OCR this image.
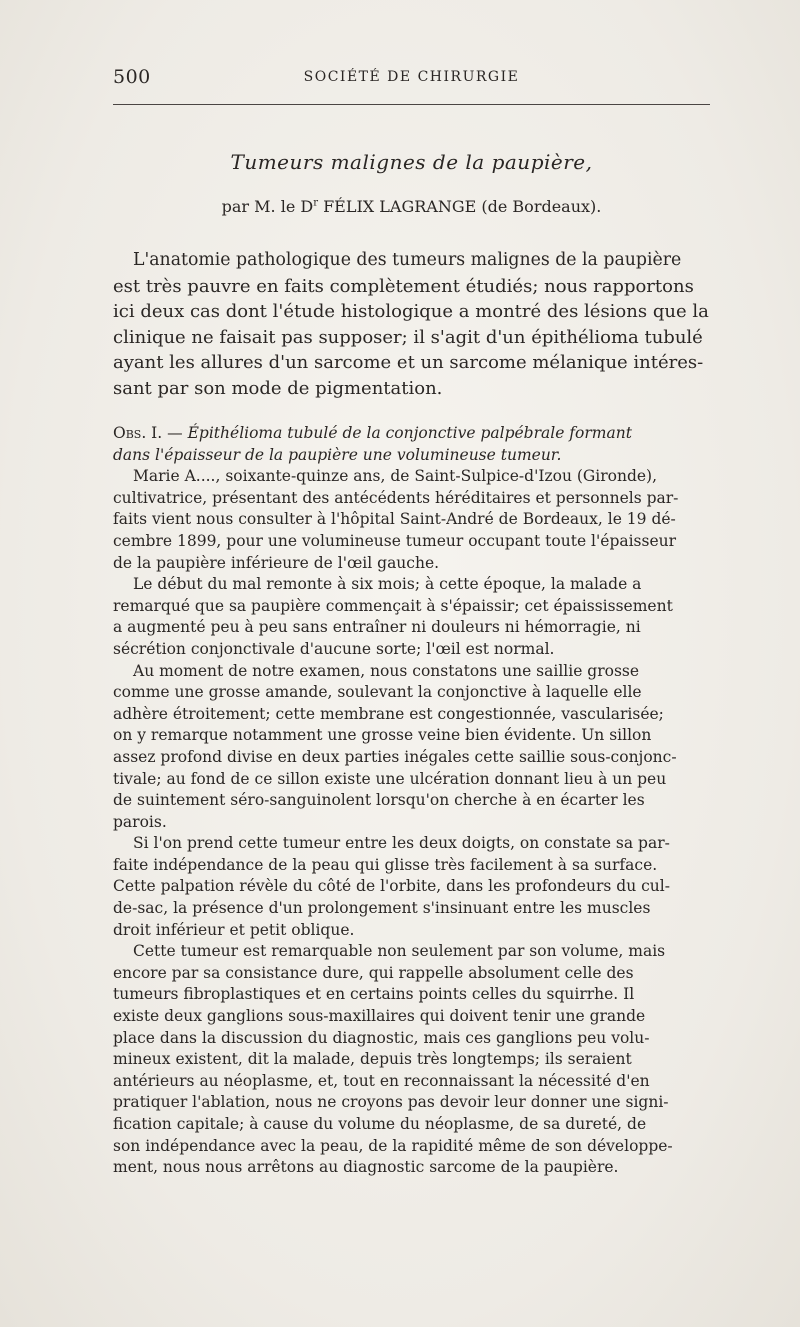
500	SOCIÉTÉ DE CHIRURGIE
Tumeurs malignes de la paupière,
par M. le $D^r$ FÉLIX LAGRANGE (de Bordeaux).
L'anatomie pathologique des tumeurs malignes de la paupière
est très pauvre en faits complètement étudiés; nous rapportons
ici deux cas dont l'étude histologique a montré des lésions que la
clinique ne faisait pas supposer; il s'agit d'un épithélioma tubulé
ayant les allures d'un sarcome et un sarcome mélanique intéres-
sant par son mode de pigmentation.
Obs. I. — Épithélioma tubulé de la conjonctive palpébrale formant
dans l'épaisseur de la paupière une volumineuse tumeur.
Marie A...., soixante-quinze ans, de Saint-Sulpice-d'Izou (Gironde),
cultivatrice, présentant des antécédents héréditaires et personnels par-
faits vient nous consulter à l'hôpital Saint-André de Bordeaux, le 19 dé-
cembre 1899, pour une volumineuse tumeur occupant toute l'épaisseur
de la paupière inférieure de l'œil gauche.
Le début du mal remonte à six mois; à cette époque, la malade a
remarqué que sa paupière commençait à s'épaissir; cet épaississement
a augmenté peu à peu sans entraîner ni douleurs ni hémorragie, ni
sécrétion conjonctivale d'aucune sorte; l'œil est normal.
Au moment de notre examen, nous constatons une saillie grosse
comme une grosse amande, soulevant la conjonctive à laquelle elle
adhère étroitement; cette membrane est congestionnée, vascularisée;
on y remarque notamment une grosse veine bien évidente. Un sillon
assez profond divise en deux parties inégales cette saillie sous-conjonc-
tivale; au fond de ce sillon existe une ulcération donnant lieu à un peu
de suintement séro-sanguinolent lorsqu'on cherche à en écarter les
parois.
Si l'on prend cette tumeur entre les deux doigts, on constate sa par-
faite indépendance de la peau qui glisse très facilement à sa surface.
Cette palpation révèle du côté de l'orbite, dans les profondeurs du cul-
de-sac, la présence d'un prolongement s'insinuant entre les muscles
droit inférieur et petit oblique.
Cette tumeur est remarquable non seulement par son volume, mais
encore par sa consistance dure, qui rappelle absolument celle des
tumeurs fibroplastiques et en certains points celles du squirrhe. Il
existe deux ganglions sous-maxillaires qui doivent tenir une grande
place dans la discussion du diagnostic, mais ces ganglions peu volu-
mineux existent, dit la malade, depuis très longtemps; ils seraient
antérieurs au néoplasme, et, tout en reconnaissant la nécessité d'en
pratiquer l'ablation, nous ne croyons pas devoir leur donner une signi-
fication capitale; à cause du volume du néoplasme, de sa dureté, de
son indépendance avec la peau, de la rapidité même de son développe-
ment, nous nous arrêtons au diagnostic sarcome de la paupière.
